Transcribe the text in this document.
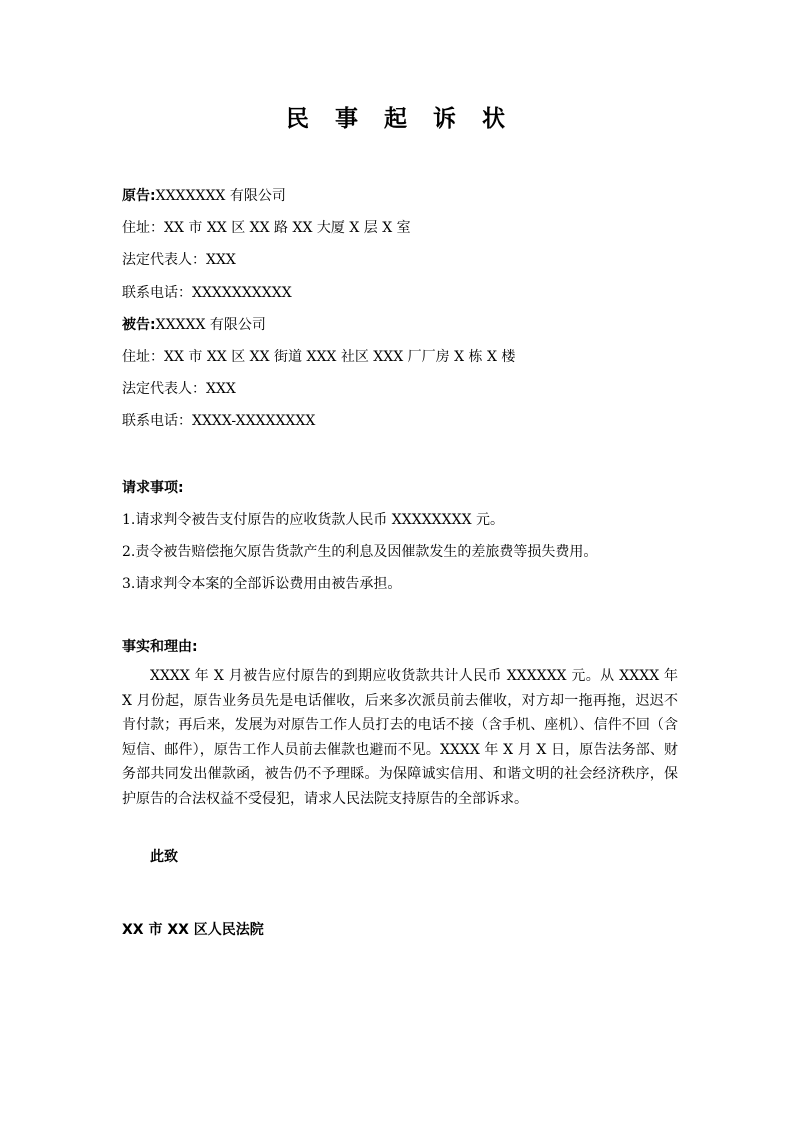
民 事 起 诉 状
原告:XXXXXXX 有限公司
住址：XX 市 XX 区 XX 路 XX 大厦 X 层 X 室
法定代表人：XXX
联系电话：XXXXXXXXXX
被告:XXXXX 有限公司
住址：XX 市 XX 区 XX 街道 XXX 社区 XXX 厂厂房 X 栋 X 楼
法定代表人：XXX
联系电话：XXXX-XXXXXXXX
请求事项:
1.请求判令被告支付原告的应收货款人民币 XXXXXXXX 元。
2.责令被告赔偿拖欠原告货款产生的利息及因催款发生的差旅费等损失费用。
3.请求判令本案的全部诉讼费用由被告承担。
事实和理由:
XXXX 年 X 月被告应付原告的到期应收货款共计人民币 XXXXXX 元。从 XXXX 年 X 月份起，原告业务员先是电话催收，后来多次派员前去催收，对方却一拖再拖，迟迟不肯付款；再后来，发展为对原告工作人员打去的电话不接（含手机、座机）、信件不回（含短信、邮件），原告工作人员前去催款也避而不见。XXXX 年 X 月 X 日，原告法务部、财务部共同发出催款函，被告仍不予理睬。为保障诚实信用、和谐文明的社会经济秩序，保护原告的合法权益不受侵犯，请求人民法院支持原告的全部诉求。
此致
XX 市 XX 区人民法院
